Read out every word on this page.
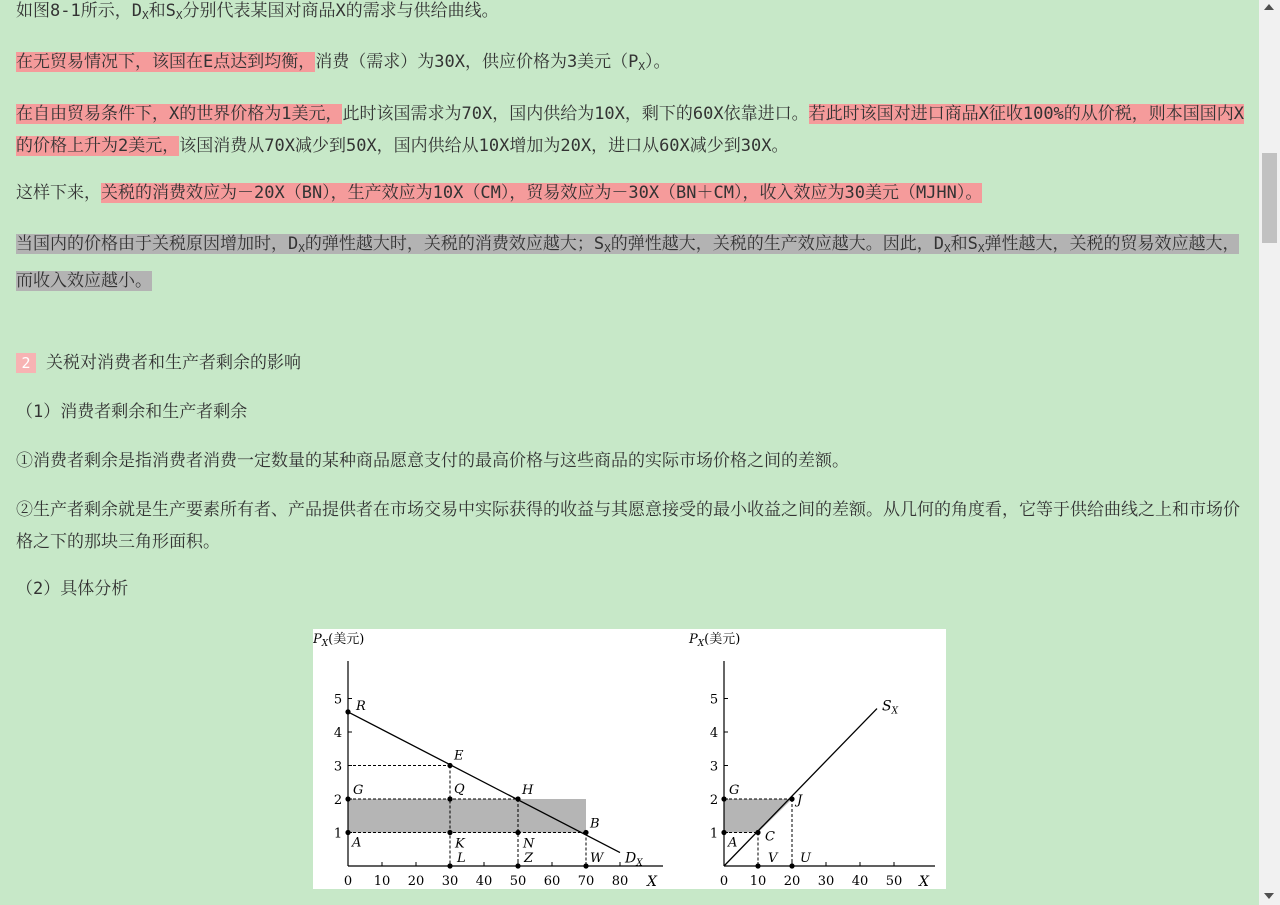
如图8-1所示，$D_X$和$S_X$分别代表某国对商品X的需求与供给曲线。

在无贸易情况下，该国在E点达到均衡，消费（需求）为30X，供应价格为3美元$(P_X)$。

在自由贸易条件下，X的世界价格为1美元，此时该国需求为70X，国内供给为10X，剩下的60X依靠进口。若此时该国对进口商品X征收100%的从价税，则本国国内X的价格上升为2美元，该国消费从70X减少到50X，国内供给从10X增加为20X，进口从60X减少到30X。

这样下来，关税的消费效应为－20X（BN），生产效应为10X（CM），贸易效应为－30X（BN＋CM），收入效应为30美元（MJHN）。

当国内的价格由于关税原因增加时，$D_X$的弹性越大时，关税的消费效应越大；$S_X$的弹性越大，关税的生产效应越大。因此，$D_X$和$S_X$弹性越大，关税的贸易效应越大，而收入效应越小。

2 关税对消费者和生产者剩余的影响

（1）消费者剩余和生产者剩余

①消费者剩余是指消费者消费一定数量的某种商品愿意支付的最高价格与这些商品的实际市场价格之间的差额。

②生产者剩余就是生产要素所有者、产品提供者在市场交易中实际获得的收益与其愿意接受的最小收益之间的差额。从几何的角度看，它等于供给曲线之上和市场价格之下的那块三角形面积。

（2）具体分析

$P_X$(美元)
X
0 10 20 30 40 50 60 70 80
1
2
3
4
5
$D_X$
R
E
H
B
G	Q
A	K	N
L	Z	W
$P_X$(美元)
X
0 10 20 30 40 50
1
2
3
4
5	$S_X$
G
J
A C
V U
